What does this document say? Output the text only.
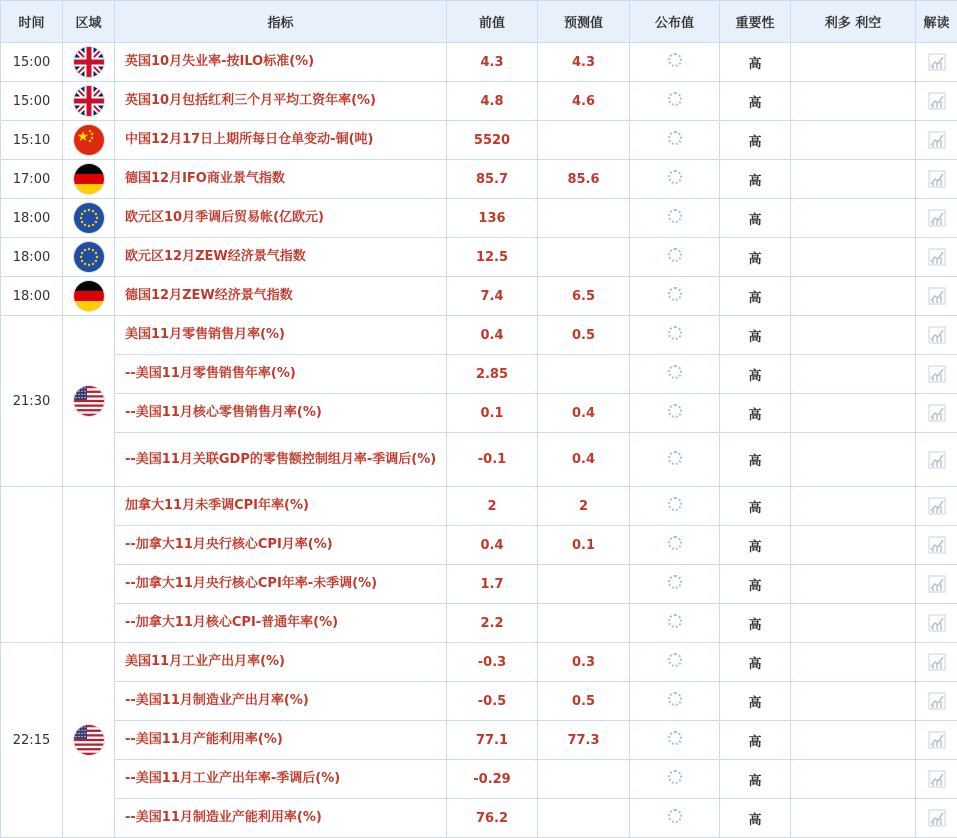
时间	区域	指标	前值	预测值	公布值	重要性	利多 利空	解读
15:00		英国10月失业率-按ILO标准(%)	4.3	4.3		高		
15:00		英国10月包括红利三个月平均工资年率(%)	4.8	4.6		高		
15:10		中国12月17日上期所每日仓单变动-铜(吨)	5520			高		
17:00		德国12月IFO商业景气指数	85.7	85.6		高		
18:00		欧元区10月季调后贸易帐(亿欧元)	136			高		
18:00		欧元区12月ZEW经济景气指数	12.5			高		
18:00		德国12月ZEW经济景气指数	7.4	6.5		高		
21:30		美国11月零售销售月率(%)	0.4	0.5		高		
		--美国11月零售销售年率(%)	2.85			高		
		--美国11月核心零售销售月率(%)	0.1	0.4		高		
		--美国11月关联GDP的零售额控制组月率-季调后(%)	-0.1	0.4		高		
		加拿大11月未季调CPI年率(%)	2	2		高		
		--加拿大11月央行核心CPI月率(%)	0.4	0.1		高		
		--加拿大11月央行核心CPI年率-未季调(%)	1.7			高		
		--加拿大11月核心CPI-普通年率(%)	2.2			高		
22:15		美国11月工业产出月率(%)	-0.3	0.3		高		
		--美国11月制造业产出月率(%)	-0.5	0.5		高		
		--美国11月产能利用率(%)	77.1	77.3		高		
		--美国11月工业产出年率-季调后(%)	-0.29			高		
		--美国11月制造业产能利用率(%)	76.2			高		
